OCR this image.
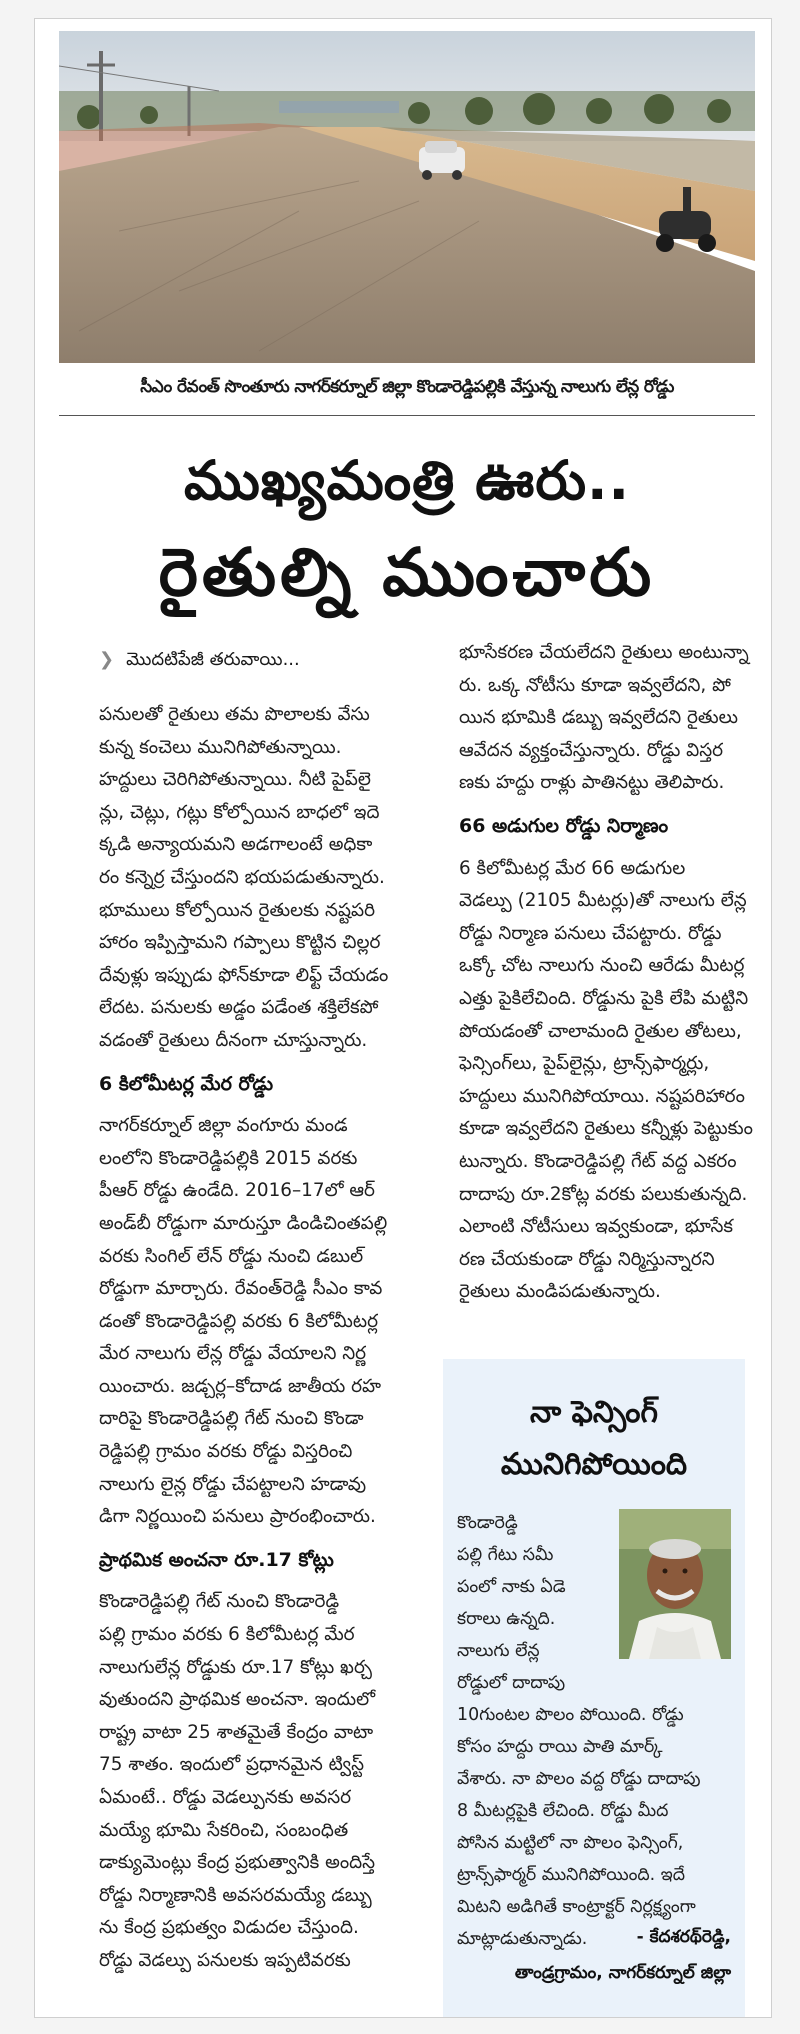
సీఎం రేవంత్ సొంతూరు నాగర్‌కర్నూల్ జిల్లా కొండారెడ్డిపల్లికి వేస్తున్న నాలుగు లేన్ల రోడ్డు
ముఖ్యమంత్రి ఊరు..
రైతుల్ని ముంచారు
❯ మొదటిపేజీ తరువాయి...
పనులతో రైతులు తమ పొలాలకు వేసు
కున్న కంచెలు మునిగిపోతున్నాయి.
హద్దులు చెరిగిపోతున్నాయి. నీటి పైప్‌లై
న్లు, చెట్లు, గట్లు కోల్పోయిన బాధలో ఇదె
క్కడి అన్యాయమని అడగాలంటే అధికా
రం కన్నెర్ర చేస్తుందని భయపడుతున్నారు.
భూములు కోల్పోయిన రైతులకు నష్టపరి
హారం ఇప్పిస్తామని గప్పాలు కొట్టిన చిల్లర
దేవుళ్లు ఇప్పుడు ఫోన్‌కూడా లిఫ్ట్ చేయడం
లేదట. పనులకు అడ్డం పడేంత శక్తిలేకపో
వడంతో రైతులు దీనంగా చూస్తున్నారు.
6 కిలోమీటర్ల మేర రోడ్డు
నాగర్‌కర్నూల్ జిల్లా వంగూరు మండ
లంలోని కొండారెడ్డిపల్లికి 2015 వరకు
పీఆర్ రోడ్డు ఉండేది. 2016–17లో ఆర్
అండ్‌బీ రోడ్డుగా మారుస్తూ డిండిచింతపల్లి
వరకు సింగిల్ లేన్ రోడ్డు నుంచి డబుల్
రోడ్డుగా మార్చారు. రేవంత్‌రెడ్డి సీఎం కావ
డంతో కొండారెడ్డిపల్లి వరకు 6 కిలోమీటర్ల
మేర నాలుగు లేన్ల రోడ్డు వేయాలని నిర్ణ
యించారు. జడ్చర్ల–కోదాడ జాతీయ రహ
దారిపై కొండారెడ్డిపల్లి గేట్ నుంచి కొండా
రెడ్డిపల్లి గ్రామం వరకు రోడ్డు విస్తరించి
నాలుగు లైన్ల రోడ్డు చేపట్టాలని హడావు
డిగా నిర్ణయించి పనులు ప్రారంభించారు.
ప్రాథమిక అంచనా రూ.17 కోట్లు
కొండారెడ్డిపల్లి గేట్ నుంచి కొండారెడ్డి
పల్లి గ్రామం వరకు 6 కిలోమీటర్ల మేర
నాలుగులేన్ల రోడ్డుకు రూ.17 కోట్లు ఖర్చ
వుతుందని ప్రాథమిక అంచనా. ఇందులో
రాష్ట్ర వాటా 25 శాతమైతే కేంద్రం వాటా
75 శాతం. ఇందులో ప్రధానమైన ట్విస్ట్
ఏమంటే.. రోడ్డు వెడల్పునకు అవసర
మయ్యే భూమి సేకరించి, సంబంధిత
డాక్యుమెంట్లు కేంద్ర ప్రభుత్వానికి అందిస్తే
రోడ్డు నిర్మాణానికి అవసరమయ్యే డబ్బు
ను కేంద్ర ప్రభుత్వం విడుదల చేస్తుంది.
రోడ్డు వెడల్పు పనులకు ఇప్పటివరకు
భూసేకరణ చేయలేదని రైతులు అంటున్నా
రు. ఒక్క నోటీసు కూడా ఇవ్వలేదని, పో
యిన భూమికి డబ్బు ఇవ్వలేదని రైతులు
ఆవేదన వ్యక్తంచేస్తున్నారు. రోడ్డు విస్తర
ణకు హద్దు రాళ్లు పాతినట్టు తెలిపారు.
66 అడుగుల రోడ్డు నిర్మాణం
6 కిలోమీటర్ల మేర 66 అడుగుల
వెడల్పు (2105 మీటర్లు)తో నాలుగు లేన్ల
రోడ్డు నిర్మాణ పనులు చేపట్టారు. రోడ్డు
ఒక్కో చోట నాలుగు నుంచి ఆరేడు మీటర్ల
ఎత్తు పైకిలేచింది. రోడ్డును పైకి లేపి మట్టిని
పోయడంతో చాలామంది రైతుల తోటలు,
ఫెన్సింగ్‌లు, పైప్‌లైన్లు, ట్రాన్స్‌ఫార్మర్లు,
హద్దులు మునిగిపోయాయి. నష్టపరిహారం
కూడా ఇవ్వలేదని రైతులు కన్నీళ్లు పెట్టుకుం
టున్నారు. కొండారెడ్డిపల్లి గేట్ వద్ద ఎకరం
దాదాపు రూ.2కోట్ల వరకు పలుకుతున్నది.
ఎలాంటి నోటీసులు ఇవ్వకుండా, భూసేక
రణ చేయకుండా రోడ్డు నిర్మిస్తున్నారని
రైతులు మండిపడుతున్నారు.
నా ఫెన్సింగ్
మునిగిపోయింది
కొండారెడ్డి
పల్లి గేటు సమీ
పంలో నాకు ఏడె
కరాలు ఉన్నది.
నాలుగు లేన్ల
రోడ్డులో దాదాపు
10గుంటల పొలం పోయింది. రోడ్డు
కోసం హద్దు రాయి పాతి మార్క్
వేశారు. నా పొలం వద్ద రోడ్డు దాదాపు
8 మీటర్లపైకి లేచింది. రోడ్డు మీద
పోసిన మట్టిలో నా పొలం ఫెన్సింగ్,
ట్రాన్స్‌ఫార్మర్ మునిగిపోయింది. ఇదే
మిటని అడిగితే కాంట్రాక్టర్ నిర్లక్ష్యంగా
మాట్లాడుతున్నాడు.	- కేదశరథ్‌రెడ్డి,
తాండ్రగ్రామం, నాగర్‌కర్నూల్ జిల్లా
